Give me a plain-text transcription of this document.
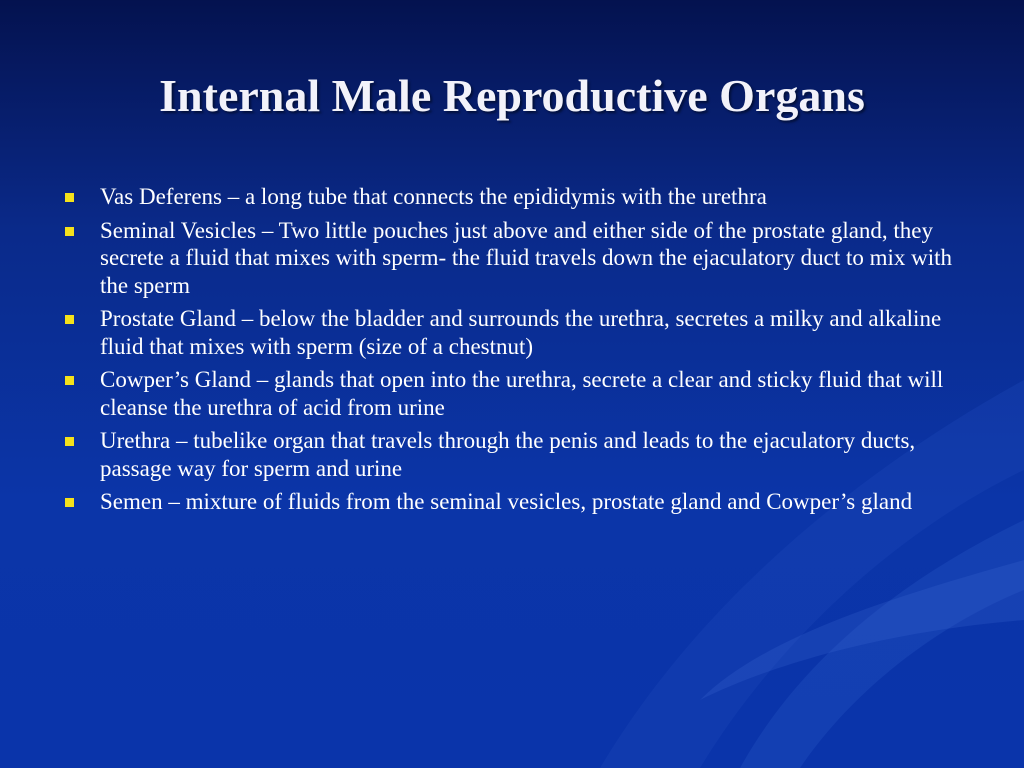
Internal Male Reproductive Organs
Vas Deferens – a long tube that connects the epididymis with the urethra
Seminal Vesicles – Two little pouches just above and either side of the prostate gland, they secrete a fluid that mixes with sperm- the fluid travels down the ejaculatory duct to mix with the sperm
Prostate Gland – below the bladder and surrounds the urethra, secretes a milky and alkaline fluid that mixes with sperm (size of a chestnut)
Cowper’s Gland – glands that open into the urethra, secrete a clear and sticky fluid that will cleanse the urethra of acid from urine
Urethra – tubelike organ that travels through the penis and leads to the ejaculatory ducts, passage way for sperm and urine
Semen – mixture of fluids from the seminal vesicles, prostate gland and Cowper’s gland
